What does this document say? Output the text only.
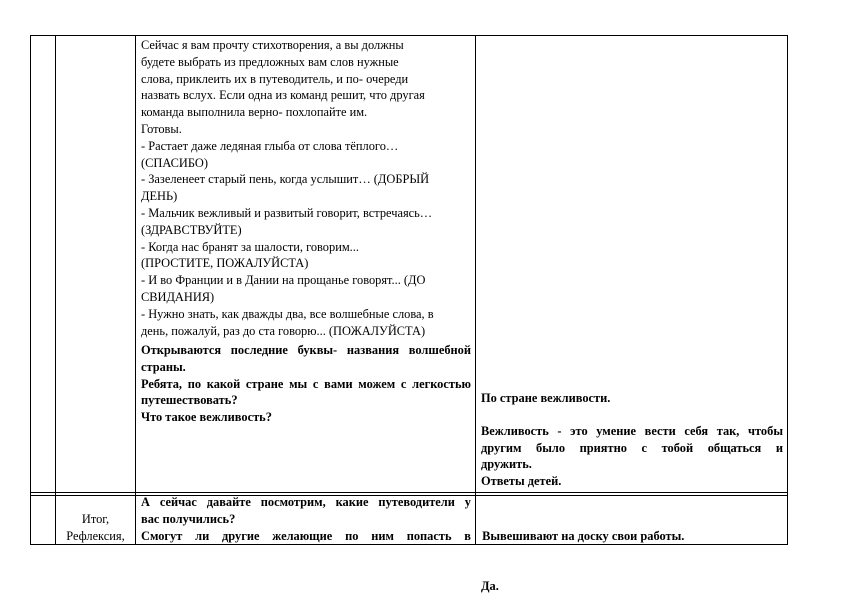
Сейчас я вам прочту стихотворения, а вы должны

будете выбрать из предложных вам слов нужные

слова, приклеить их в путеводитель, и по- очереди

назвать вслух. Если одна из команд решит, что другая

команда выполнила верно- похлопайте им.

Готовы.

- Растает даже ледяная глыба от слова тёплого…

(СПАСИБО)

- Зазеленеет старый пень, когда услышит… (ДОБРЫЙ

ДЕНЬ)

- Мальчик вежливый и развитый говорит, встречаясь…

(ЗДРАВСТВУЙТЕ)

- Когда нас бранят за шалости, говорим...

(ПРОСТИТЕ, ПОЖАЛУЙСТА)

- И во Франции и в Дании на прощанье говорят... (ДО

СВИДАНИЯ)

- Нужно знать, как дважды два, все волшебные слова, в

день, пожалуй, раз до ста говорю... (ПОЖАЛУЙСТА)

Открываются последние буквы- названия волшебной

страны.

Ребята, по какой стране мы с вами можем с легкостью

путешествовать?

Что такое вежливость?

По стране вежливости.

Вежливость - это умение вести себя так, чтобы

другим было приятно с тобой общаться и

дружить.

Ответы детей.

Итог,

Рефлексия,

А сейчас давайте посмотрим, какие путеводители у

вас получились?

Смогут ли другие желающие по ним попасть в

Вывешивают на доску свои работы.

Да.
